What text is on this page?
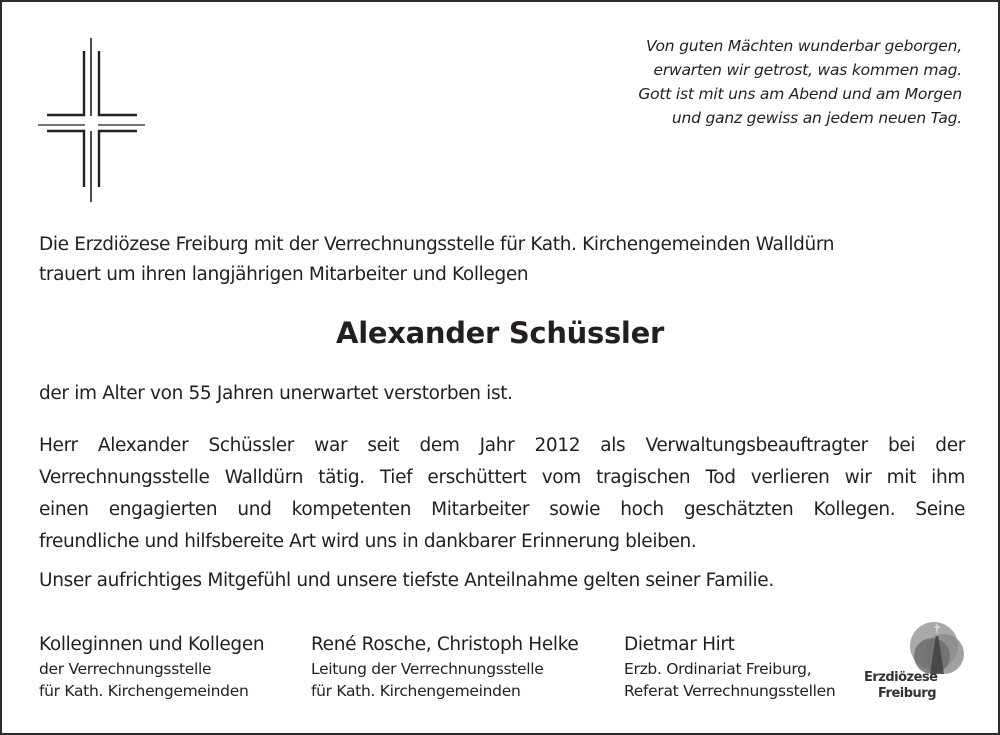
Von guten Mächten wunderbar geborgen,
erwarten wir getrost, was kommen mag.
Gott ist mit uns am Abend und am Morgen
und ganz gewiss an jedem neuen Tag.
Die Erzdiözese Freiburg mit der Verrechnungsstelle für Kath. Kirchengemeinden Walldürn
trauert um ihren langjährigen Mitarbeiter und Kollegen
Alexander Schüssler
der im Alter von 55 Jahren unerwartet verstorben ist.
Herr Alexander Schüssler war seit dem Jahr 2012 als Verwaltungsbeauftragter bei der
Verrechnungsstelle Walldürn tätig. Tief erschüttert vom tragischen Tod verlieren wir mit ihm
einen engagierten und kompetenten Mitarbeiter sowie hoch geschätzten Kollegen. Seine
freundliche und hilfsbereite Art wird uns in dankbarer Erinnerung bleiben.
Unser aufrichtiges Mitgefühl und unsere tiefste Anteilnahme gelten seiner Familie.
Kolleginnen und Kollegen
der Verrechnungsstelle
für Kath. Kirchengemeinden
René Rosche, Christoph Helke
Leitung der Verrechnungsstelle
für Kath. Kirchengemeinden
Dietmar Hirt
Erzb. Ordinariat Freiburg,
Referat Verrechnungsstellen
Erzdiözese
Freiburg
